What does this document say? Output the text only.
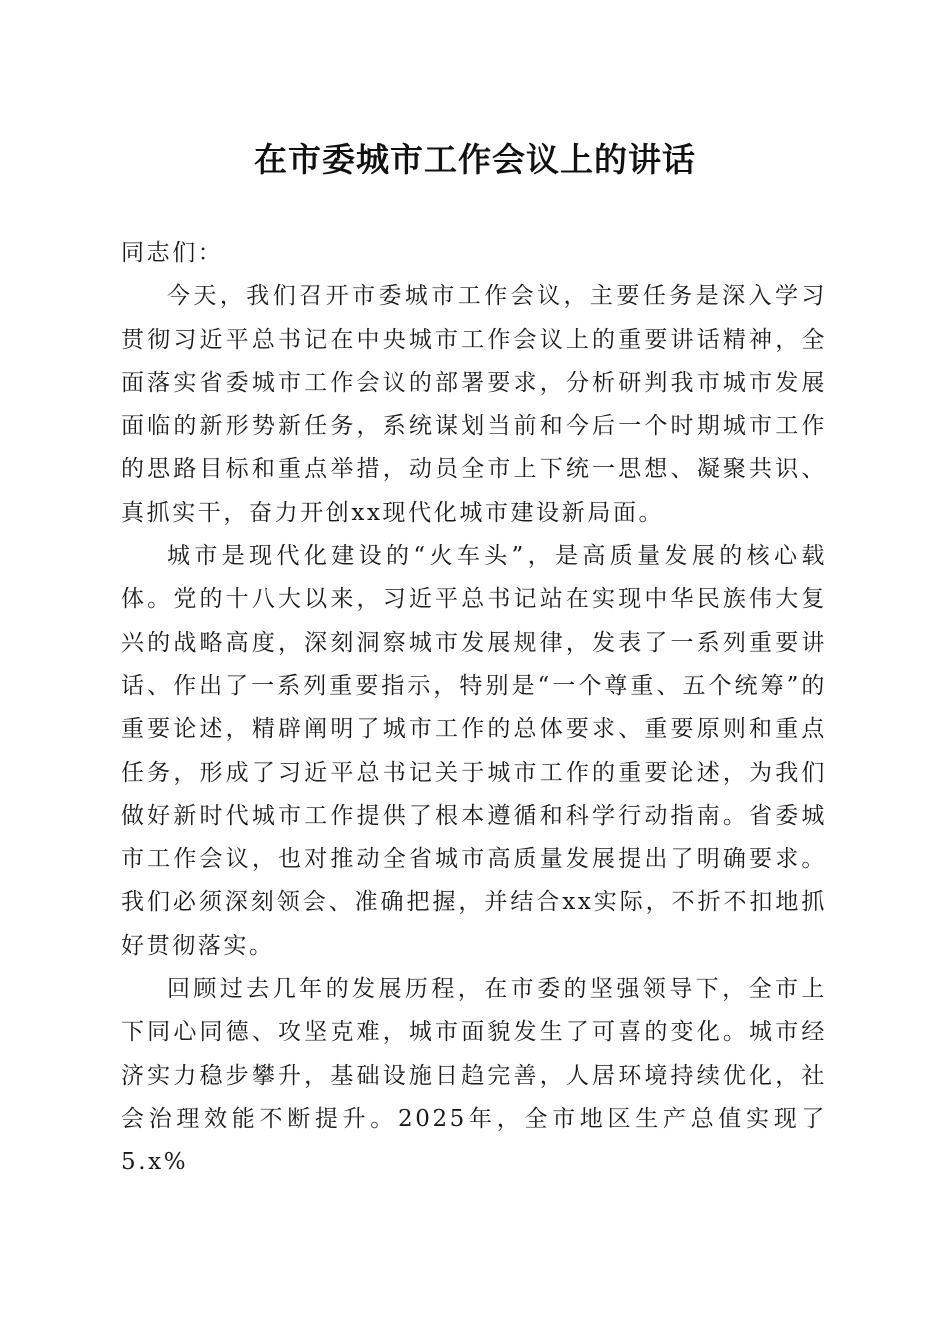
在市委城市工作会议上的讲话

同志们：

今天，我们召开市委城市工作会议，主要任务是深入学习贯彻习近平总书记在中央城市工作会议上的重要讲话精神，全面落实省委城市工作会议的部署要求，分析研判我市城市发展面临的新形势新任务，系统谋划当前和今后一个时期城市工作的思路目标和重点举措，动员全市上下统一思想、凝聚共识、真抓实干，奋力开创xx现代化城市建设新局面。

城市是现代化建设的“火车头”，是高质量发展的核心载体。党的十八大以来，习近平总书记站在实现中华民族伟大复兴的战略高度，深刻洞察城市发展规律，发表了一系列重要讲话、作出了一系列重要指示，特别是“一个尊重、五个统筹”的重要论述，精辟阐明了城市工作的总体要求、重要原则和重点任务，形成了习近平总书记关于城市工作的重要论述，为我们做好新时代城市工作提供了根本遵循和科学行动指南。省委城市工作会议，也对推动全省城市高质量发展提出了明确要求。我们必须深刻领会、准确把握，并结合xx实际，不折不扣地抓好贯彻落实。

回顾过去几年的发展历程，在市委的坚强领导下，全市上下同心同德、攻坚克难，城市面貌发生了可喜的变化。城市经济实力稳步攀升，基础设施日趋完善，人居环境持续优化，社会治理效能不断提升。2025年，全市地区生产总值实现了5.x%
